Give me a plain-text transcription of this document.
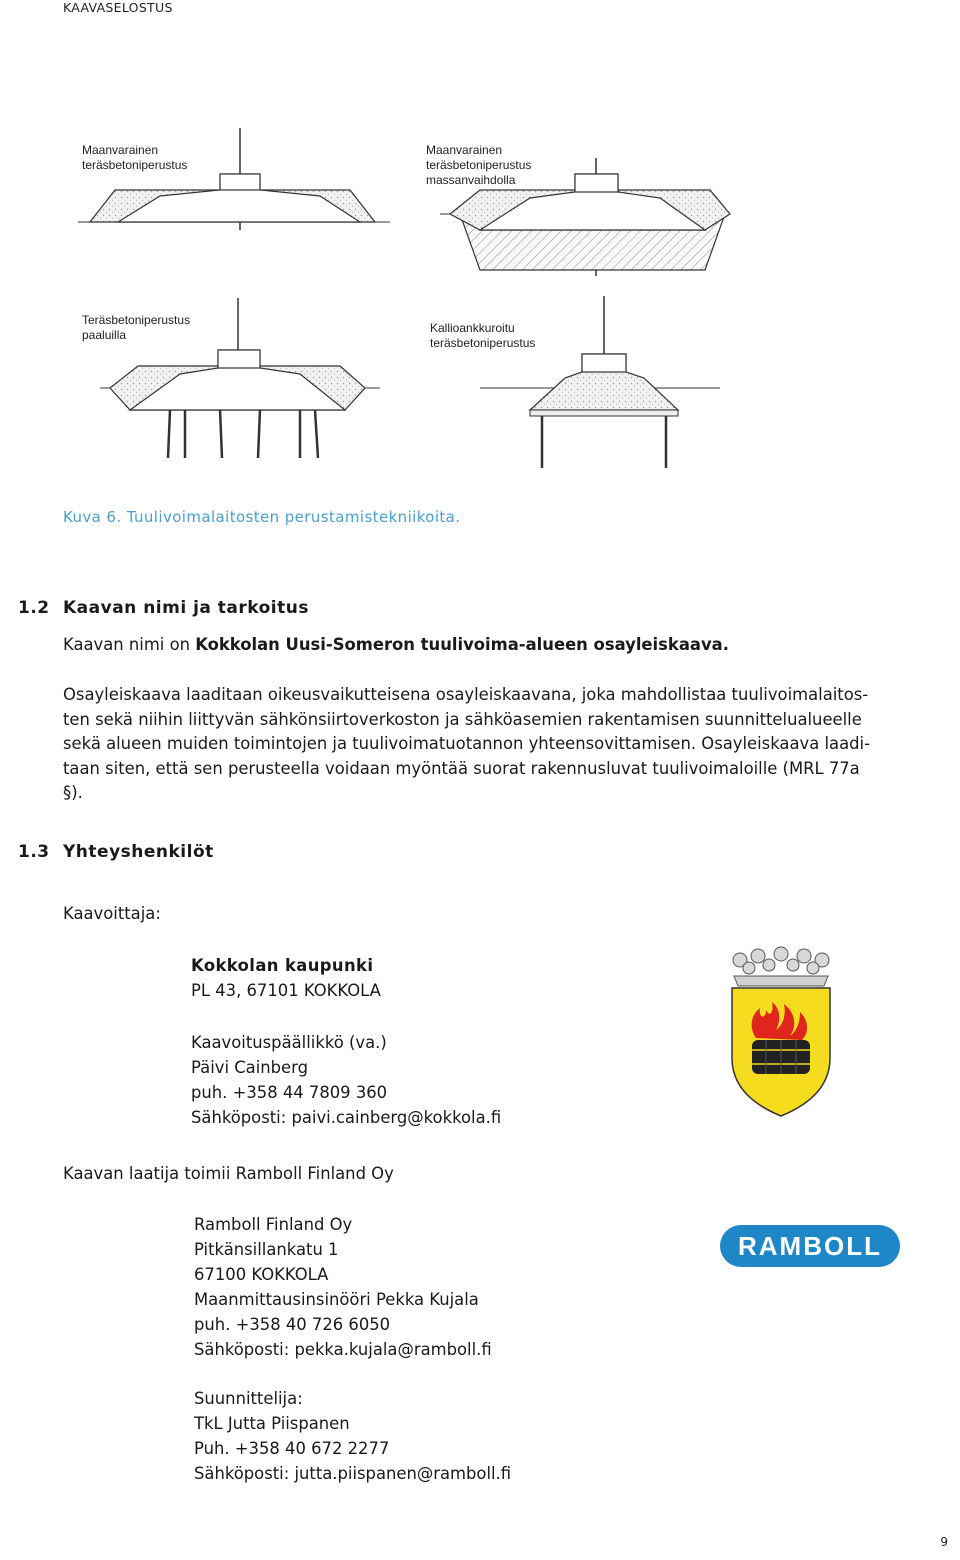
KAAVASELOSTUS
Maanvarainen
teräsbetoniperustus
Maanvarainen
teräsbetoniperustus
massanvaihdolla
Teräsbetoniperustus
paaluilla	Kallioankkuroitu
teräsbetoniperustus
Kuva 6. Tuulivoimalaitosten perustamistekniikoita.
1.2 Kaavan nimi ja tarkoitus
Kaavan nimi on Kokkolan Uusi-Someron tuulivoima-alueen osayleiskaava.
Osayleiskaava laaditaan oikeusvaikutteisena osayleiskaavana, joka mahdollistaa tuulivoimalaitos-
ten sekä niihin liittyvän sähkönsiirtoverkoston ja sähköasemien rakentamisen suunnittelualueelle
sekä alueen muiden toimintojen ja tuulivoimatuotannon yhteensovittamisen. Osayleiskaava laadi-
taan siten, että sen perusteella voidaan myöntää suorat rakennusluvat tuulivoimaloille (MRL 77a
§).
1.3 Yhteyshenkilöt
Kaavoittaja:
Kokkolan kaupunki
PL 43, 67101 KOKKOLA
Kaavoituspäällikkö (va.)
Päivi Cainberg
puh. +358 44 7809 360
Sähköposti: paivi.cainberg@kokkola.fi
Kaavan laatija toimii Ramboll Finland Oy
Ramboll Finland Oy
Pitkänsillankatu 1
67100 KOKKOLA
Maanmittausinsinööri Pekka Kujala
puh. +358 40 726 6050
Sähköposti: pekka.kujala@ramboll.fi
Suunnittelija:
TkL Jutta Piispanen
Puh. +358 40 672 2277
Sähköposti: jutta.piispanen@ramboll.fi
RAMBOLL
9
